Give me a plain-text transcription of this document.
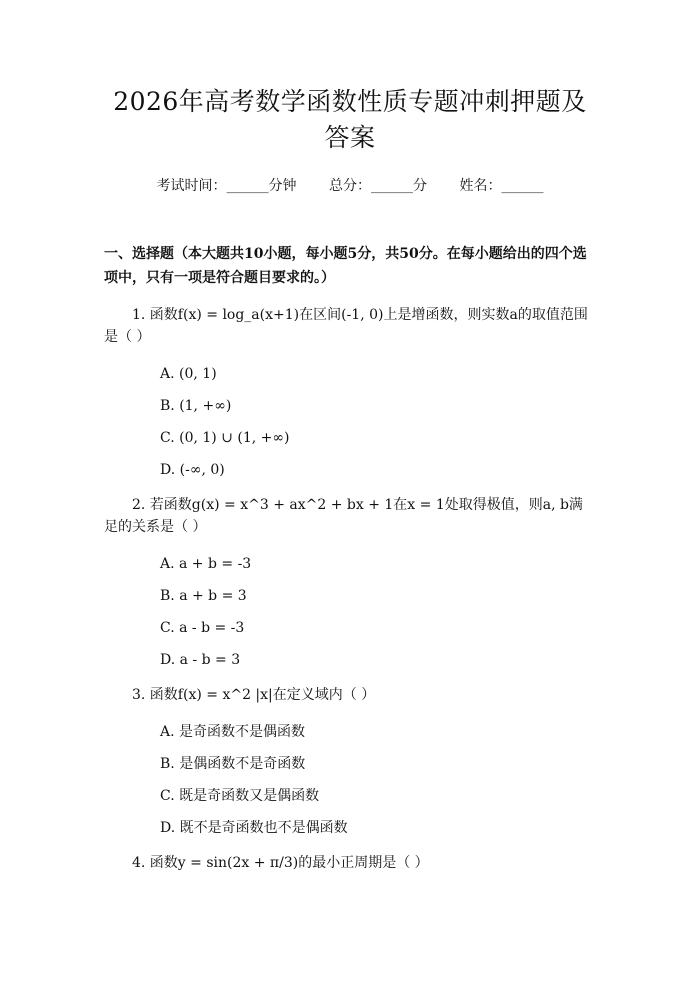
2026年高考数学函数性质专题冲刺押题及答案
考试时间：______分钟 总分：______分 姓名：______
一、选择题（本大题共10小题，每小题5分，共50分。在每小题给出的四个选项中，只有一项是符合题目要求的。）
1. 函数f(x) = log_a(x+1)在区间(-1, 0)上是增函数，则实数a的取值范围是（ ）
A. (0, 1)
B. (1, +∞)
C. (0, 1) ∪ (1, +∞)
D. (-∞, 0)
2. 若函数g(x) = x^3 + ax^2 + bx + 1在x = 1处取得极值，则a, b满足的关系是（ ）
A. a + b = -3
B. a + b = 3
C. a - b = -3
D. a - b = 3
3. 函数f(x) = x^2 |x|在定义域内（ ）
A. 是奇函数不是偶函数
B. 是偶函数不是奇函数
C. 既是奇函数又是偶函数
D. 既不是奇函数也不是偶函数
4. 函数y = sin(2x + π/3)的最小正周期是（ ）
